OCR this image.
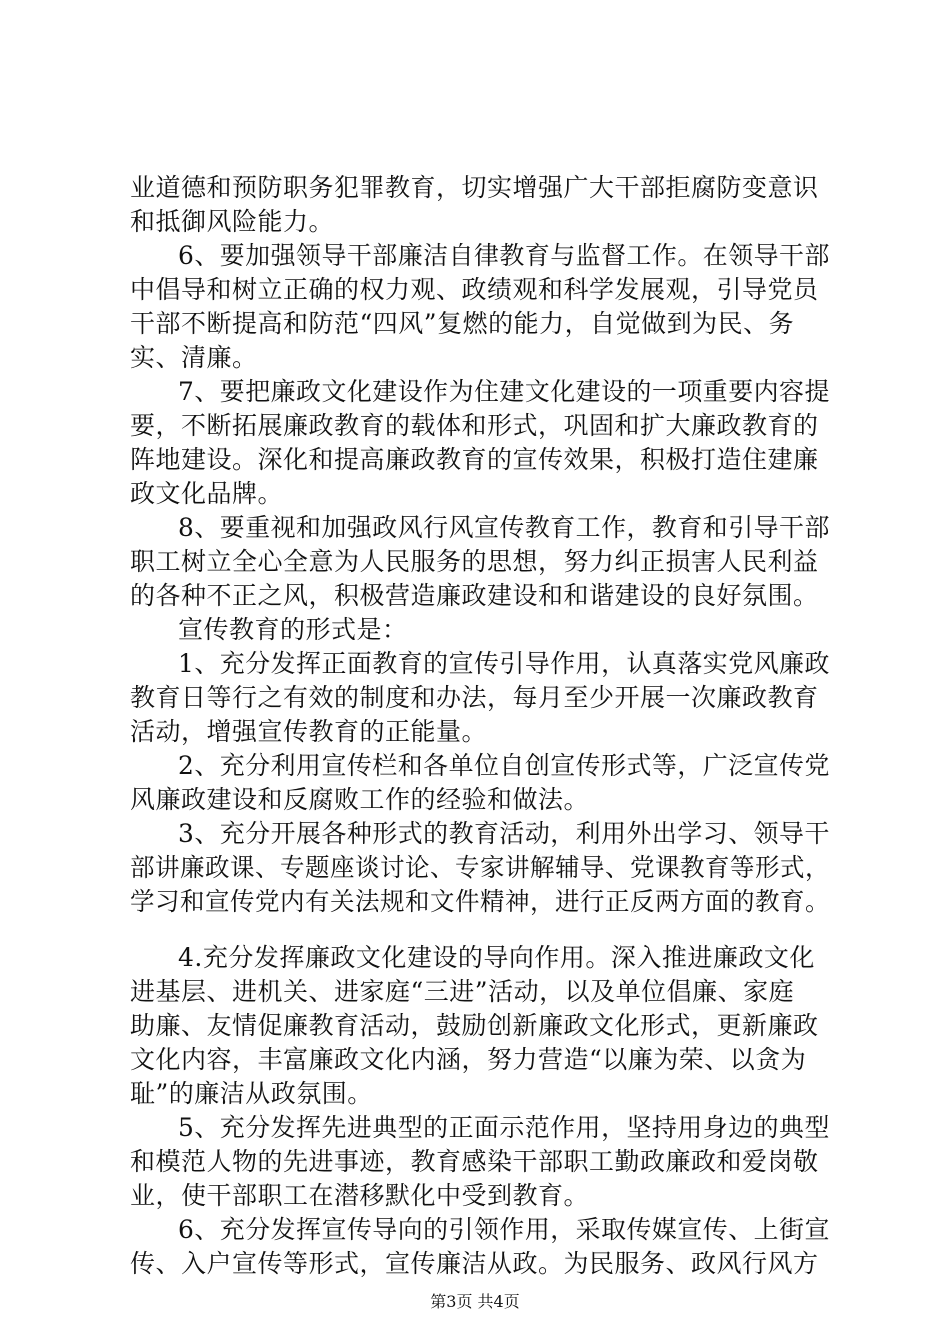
业道德和预防职务犯罪教育，切实增强广大干部拒腐防变意识
和抵御风险能力。
6、要加强领导干部廉洁自律教育与监督工作。在领导干部
中倡导和树立正确的权力观、政绩观和科学发展观，引导党员
干部不断提高和防范“四风”复燃的能力，自觉做到为民、务
实、清廉。
7、要把廉政文化建设作为住建文化建设的一项重要内容提
要，不断拓展廉政教育的载体和形式，巩固和扩大廉政教育的
阵地建设。深化和提高廉政教育的宣传效果，积极打造住建廉
政文化品牌。
8、要重视和加强政风行风宣传教育工作，教育和引导干部
职工树立全心全意为人民服务的思想，努力纠正损害人民利益
的各种不正之风，积极营造廉政建设和和谐建设的良好氛围。
宣传教育的形式是：
1、充分发挥正面教育的宣传引导作用，认真落实党风廉政
教育日等行之有效的制度和办法，每月至少开展一次廉政教育
活动，增强宣传教育的正能量。
2、充分利用宣传栏和各单位自创宣传形式等，广泛宣传党
风廉政建设和反腐败工作的经验和做法。
3、充分开展各种形式的教育活动，利用外出学习、领导干
部讲廉政课、专题座谈讨论、专家讲解辅导、党课教育等形式，
学习和宣传党内有关法规和文件精神，进行正反两方面的教育。
4.充分发挥廉政文化建设的导向作用。深入推进廉政文化
进基层、进机关、进家庭“三进”活动，以及单位倡廉、家庭
助廉、友情促廉教育活动，鼓励创新廉政文化形式，更新廉政
文化内容，丰富廉政文化内涵，努力营造“以廉为荣、以贪为
耻”的廉洁从政氛围。
5、充分发挥先进典型的正面示范作用，坚持用身边的典型
和模范人物的先进事迹，教育感染干部职工勤政廉政和爱岗敬
业，使干部职工在潜移默化中受到教育。
6、充分发挥宣传导向的引领作用，采取传媒宣传、上街宣
传、入户宣传等形式，宣传廉洁从政。为民服务、政风行风方
第3页 共4页
